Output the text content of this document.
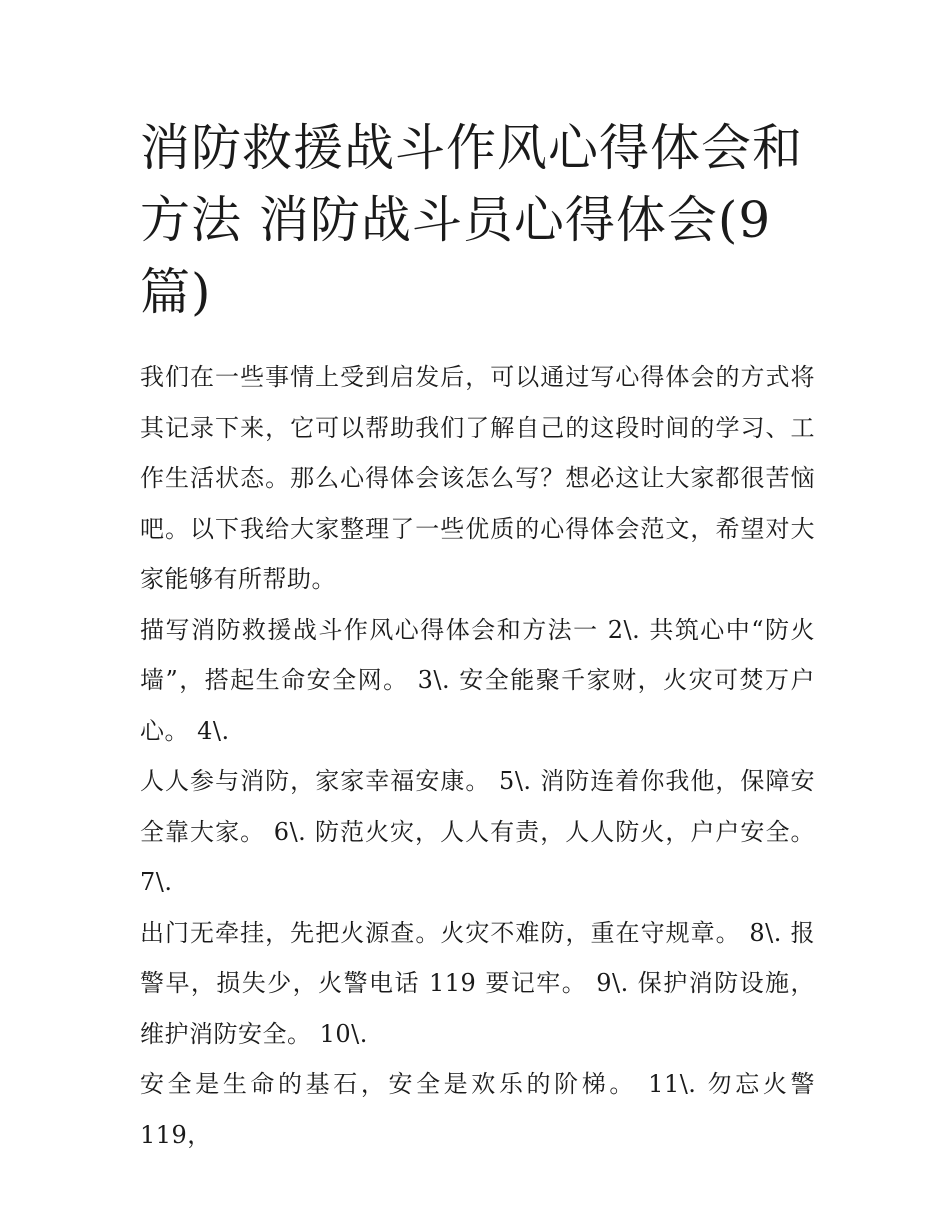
消防救援战斗作风心得体会和方法 消防战斗员心得体会(9篇)

我们在一些事情上受到启发后，可以通过写心得体会的方式将其记录下来，它可以帮助我们了解自己的这段时间的学习、工作生活状态。那么心得体会该怎么写？想必这让大家都很苦恼吧。以下我给大家整理了一些优质的心得体会范文，希望对大家能够有所帮助。

描写消防救援战斗作风心得体会和方法一 2\. 共筑心中“防火墙”，搭起生命安全网。 3\. 安全能聚千家财，火灾可焚万户心。 4\.

人人参与消防，家家幸福安康。 5\. 消防连着你我他，保障安全靠大家。 6\. 防范火灾，人人有责，人人防火，户户安全。 7\.

出门无牵挂，先把火源查。火灾不难防，重在守规章。 8\. 报警早，损失少，火警电话 119 要记牢。 9\. 保护消防设施，维护消防安全。 10\.

安全是生命的基石，安全是欢乐的阶梯。 11\. 勿忘火警 119，
